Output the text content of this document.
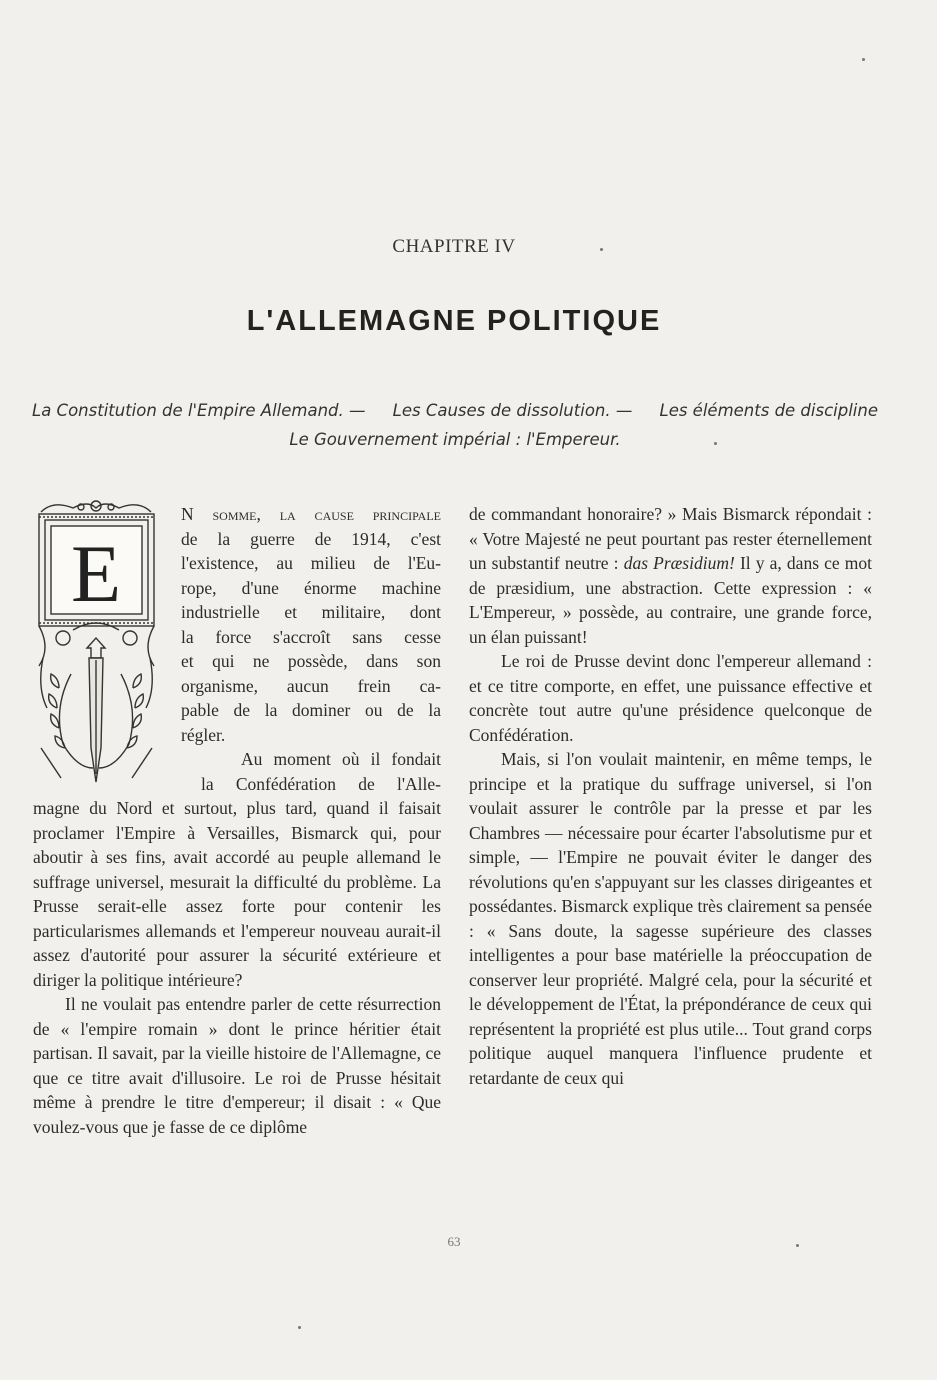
CHAPITRE IV
L'ALLEMAGNE POLITIQUE
La Constitution de l'Empire Allemand. — Les Causes de dissolution. — Les éléments de discipline
Le Gouvernement impérial : l'Empereur.
E
N somme, la cause principale
de la guerre de 1914, c'est
l'existence, au milieu de l'Eu-
rope, d'une énorme machine
industrielle et militaire, dont
la force s'accroît sans cesse
et qui ne possède, dans son
organisme, aucun frein ca-
pable de la dominer ou de la
régler.
Au moment où il fondait
la Confédération de l'Alle-

magne du Nord et surtout, plus tard, quand il faisait proclamer l'Empire à Versailles, Bismarck qui, pour aboutir à ses fins, avait accordé au peuple allemand le suffrage universel, mesurait la difficulté du problème. La Prusse serait-elle assez forte pour contenir les particularismes allemands et l'empereur nouveau aurait-il assez d'autorité pour assurer la sécurité extérieure et diriger la politique intérieure?

Il ne voulait pas entendre parler de cette résurrection de « l'empire romain » dont le prince héritier était partisan. Il savait, par la vieille histoire de l'Allemagne, ce que ce titre avait d'illusoire. Le roi de Prusse hésitait même à prendre le titre d'empereur; il disait : « Que voulez-vous que je fasse de ce diplôme

de commandant honoraire? » Mais Bismarck répondait : « Votre Majesté ne peut pourtant pas rester éternellement un substantif neutre : das Præsidium! Il y a, dans ce mot de præsidium, une abstraction. Cette expression : « L'Empereur, » possède, au contraire, une grande force, un élan puissant!

Le roi de Prusse devint donc l'empereur allemand : et ce titre comporte, en effet, une puissance effective et concrète tout autre qu'une présidence quelconque de Confédération.

Mais, si l'on voulait maintenir, en même temps, le principe et la pratique du suffrage universel, si l'on voulait assurer le contrôle par la presse et par les Chambres — nécessaire pour écarter l'absolutisme pur et simple, — l'Empire ne pouvait éviter le danger des révolutions qu'en s'appuyant sur les classes dirigeantes et possédantes. Bismarck explique très clairement sa pensée : « Sans doute, la sagesse supérieure des classes intelligentes a pour base matérielle la préoccupation de conserver leur propriété. Malgré cela, pour la sécurité et le développement de l'État, la prépondérance de ceux qui représentent la propriété est plus utile... Tout grand corps politique auquel manquera l'influence prudente et retardante de ceux qui

63
